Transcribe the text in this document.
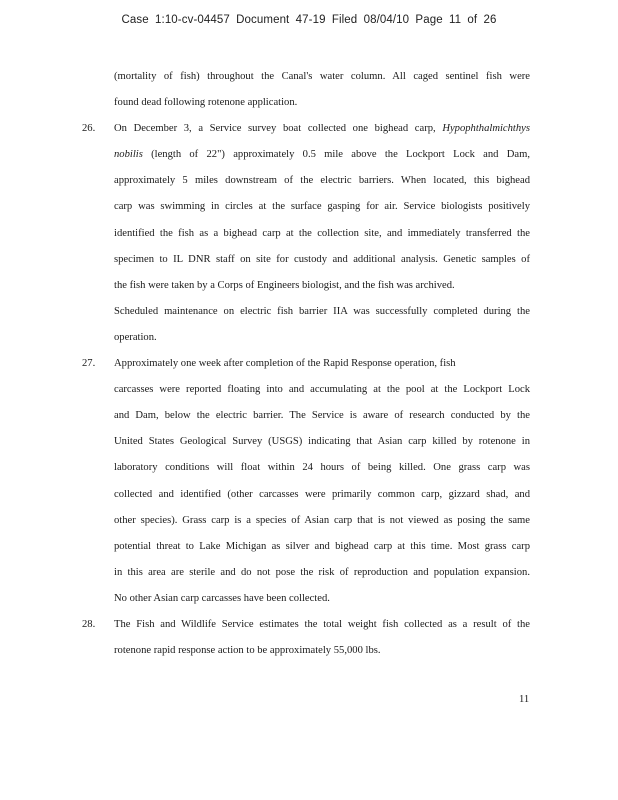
Case 1:10-cv-04457 Document 47-19 Filed 08/04/10 Page 11 of 26
(mortality of fish) throughout the Canal's water column. All caged sentinel fish were
found dead following rotenone application.
26. On December 3, a Service survey boat collected one bighead carp, Hypophthalmichthys
nobilis (length of 22") approximately 0.5 mile above the Lockport Lock and Dam,
approximately 5 miles downstream of the electric barriers. When located, this bighead
carp was swimming in circles at the surface gasping for air. Service biologists positively
identified the fish as a bighead carp at the collection site, and immediately transferred the
specimen to IL DNR staff on site for custody and additional analysis. Genetic samples of
the fish were taken by a Corps of Engineers biologist, and the fish was archived.
Scheduled maintenance on electric fish barrier IIA was successfully completed during the
operation.
27. Approximately one week after completion of the Rapid Response operation, fish
carcasses were reported floating into and accumulating at the pool at the Lockport Lock
and Dam, below the electric barrier. The Service is aware of research conducted by the
United States Geological Survey (USGS) indicating that Asian carp killed by rotenone in
laboratory conditions will float within 24 hours of being killed. One grass carp was
collected and identified (other carcasses were primarily common carp, gizzard shad, and
other species). Grass carp is a species of Asian carp that is not viewed as posing the same
potential threat to Lake Michigan as silver and bighead carp at this time. Most grass carp
in this area are sterile and do not pose the risk of reproduction and population expansion.
No other Asian carp carcasses have been collected.
28. The Fish and Wildlife Service estimates the total weight fish collected as a result of the
rotenone rapid response action to be approximately 55,000 lbs.
11
